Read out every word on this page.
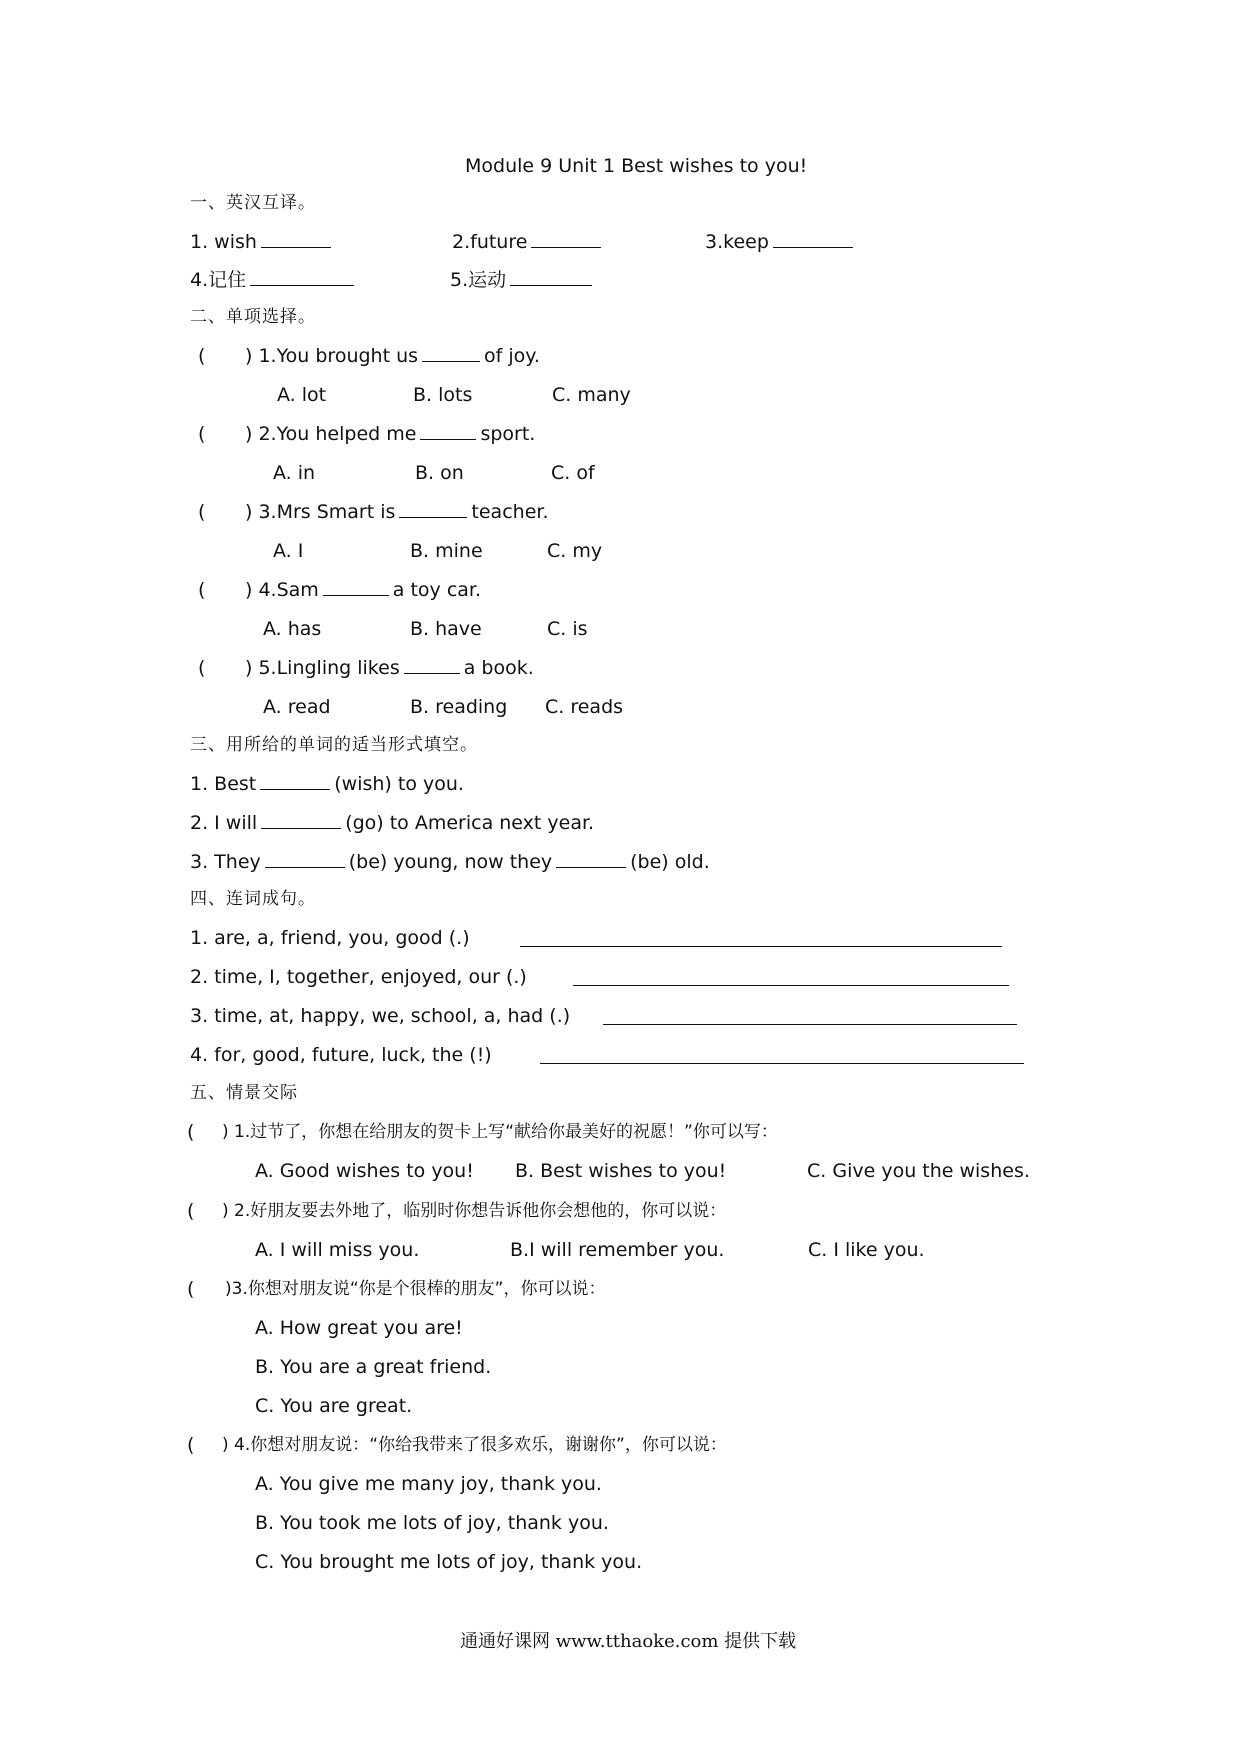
Module 9 Unit 1 Best wishes to you!
一、英汉互译。
1. wish	2.future	3.keep
4.记住	5.运动
二、单项选择。
( ) 1.You brought us	of joy.
A. lot	B. lots	C. many
( ) 2.You helped me	sport.
A. in	B. on	C. of
( ) 3.Mrs Smart is	teacher.
A. I	B. mine	C. my
( ) 4.Sam	a toy car.
A. has	B. have	C. is
( ) 5.Lingling likes	a book.
A. read	B. reading C. reads
三、用所给的单词的适当形式填空。
1. Best	(wish) to you.
2. I will	(go) to America next year.
3. They	(be) young, now they	(be) old.
四、连词成句。
1. are, a, friend, you, good (.)
2. time, I, together, enjoyed, our (.)
3. time, at, happy, we, school, a, had (.)
4. for, good, future, luck, the (!)
五、情景交际
( ) 1.过节了，你想在给朋友的贺卡上写“献给你最美好的祝愿！”你可以写：
A. Good wishes to you! B. Best wishes to you!	C. Give you the wishes.
( ) 2.好朋友要去外地了，临别时你想告诉他你会想他的，你可以说：
A. I will miss you.	B.I will remember you.	C. I like you.
( )3.你想对朋友说“你是个很棒的朋友”，你可以说：
A. How great you are!
B. You are a great friend.
C. You are great.
( ) 4.你想对朋友说：“你给我带来了很多欢乐，谢谢你”，你可以说：
A. You give me many joy, thank you.
B. You took me lots of joy, thank you.
C. You brought me lots of joy, thank you.
通通好课网 www.tthaoke.com 提供下载
